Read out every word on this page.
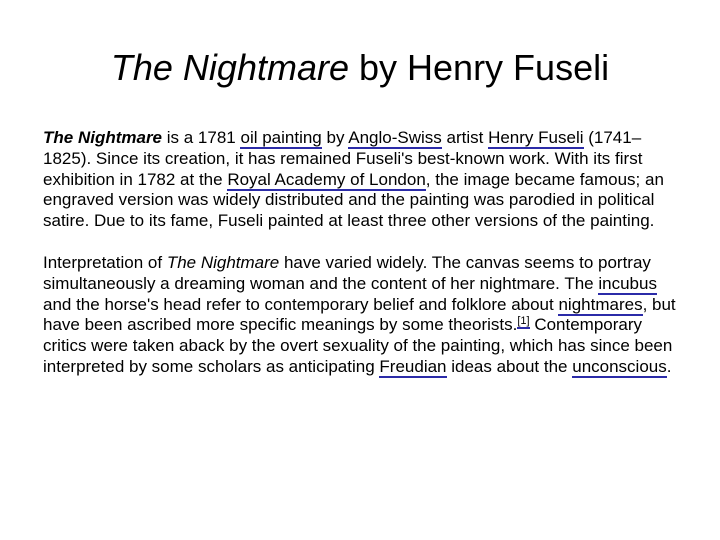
The Nightmare by Henry Fuseli

The Nightmare is a 1781 oil painting by Anglo-Swiss artist Henry Fuseli (1741–1825). Since its creation, it has remained Fuseli's best-known work. With its first exhibition in 1782 at the Royal Academy of London, the image became famous; an engraved version was widely distributed and the painting was parodied in political satire. Due to its fame, Fuseli painted at least three other versions of the painting.

Interpretation of The Nightmare have varied widely. The canvas seems to portray simultaneously a dreaming woman and the content of her nightmare. The incubus and the horse's head refer to contemporary belief and folklore about nightmares, but have been ascribed more specific meanings by some theorists.[1] Contemporary critics were taken aback by the overt sexuality of the painting, which has since been interpreted by some scholars as anticipating Freudian ideas about the unconscious.
